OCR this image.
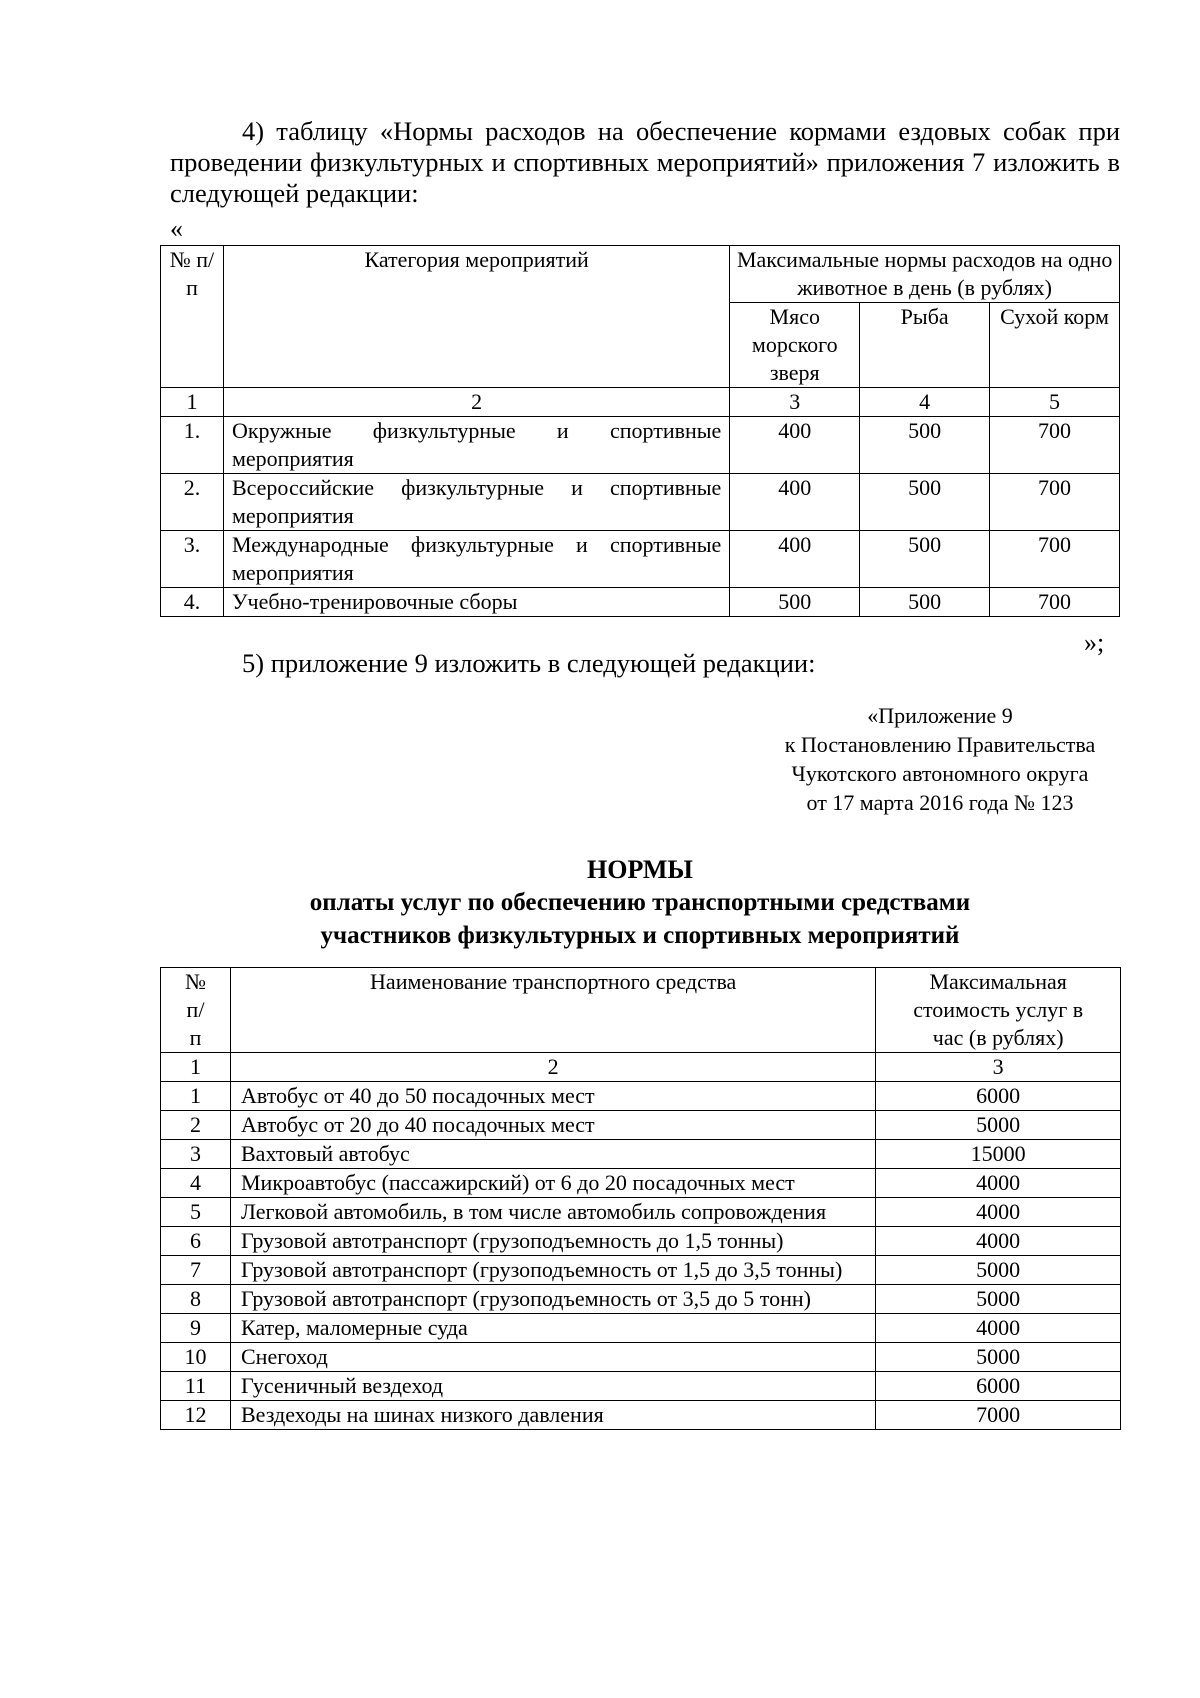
4) таблицу «Нормы расходов на обеспечение кормами ездовых собак при проведении физкультурных и спортивных мероприятий» приложения 7 изложить в следующей редакции:

«
№ п/п	Категория мероприятий	Максимальные нормы расходов на одно животное в день (в рублях)		
		Мясо морского зверя	Рыба	Сухой корм
1	2	3	4	5
1.	Окружные физкультурные и спортивные мероприятия	400	500	700
2.	Всероссийские физкультурные и спортивные мероприятия	400	500	700
3.	Международные физкультурные и спортивные мероприятия	400	500	700
4.	Учебно-тренировочные сборы	500	500	700
»;

5) приложение 9 изложить в следующей редакции:

«Приложение 9
к Постановлению Правительства
Чукотского автономного округа
от 17 марта 2016 года № 123
НОРМЫ
оплаты услуг по обеспечению транспортными средствами
участников физкультурных и спортивных мероприятий
№ п/п	Наименование транспортного средства	Максимальная стоимость услуг в час (в рублях)
1	2	3
1	Автобус от 40 до 50 посадочных мест	6000
2	Автобус от 20 до 40 посадочных мест	5000
3	Вахтовый автобус	15000
4	Микроавтобус (пассажирский) от 6 до 20 посадочных мест	4000
5	Легковой автомобиль, в том числе автомобиль сопровождения	4000
6	Грузовой автотранспорт (грузоподъемность до 1,5 тонны)	4000
7	Грузовой автотранспорт (грузоподъемность от 1,5 до 3,5 тонны)	5000
8	Грузовой автотранспорт (грузоподъемность от 3,5 до 5 тонн)	5000
9	Катер, маломерные суда	4000
10	Снегоход	5000
11	Гусеничный вездеход	6000
12	Вездеходы на шинах низкого давления	7000
